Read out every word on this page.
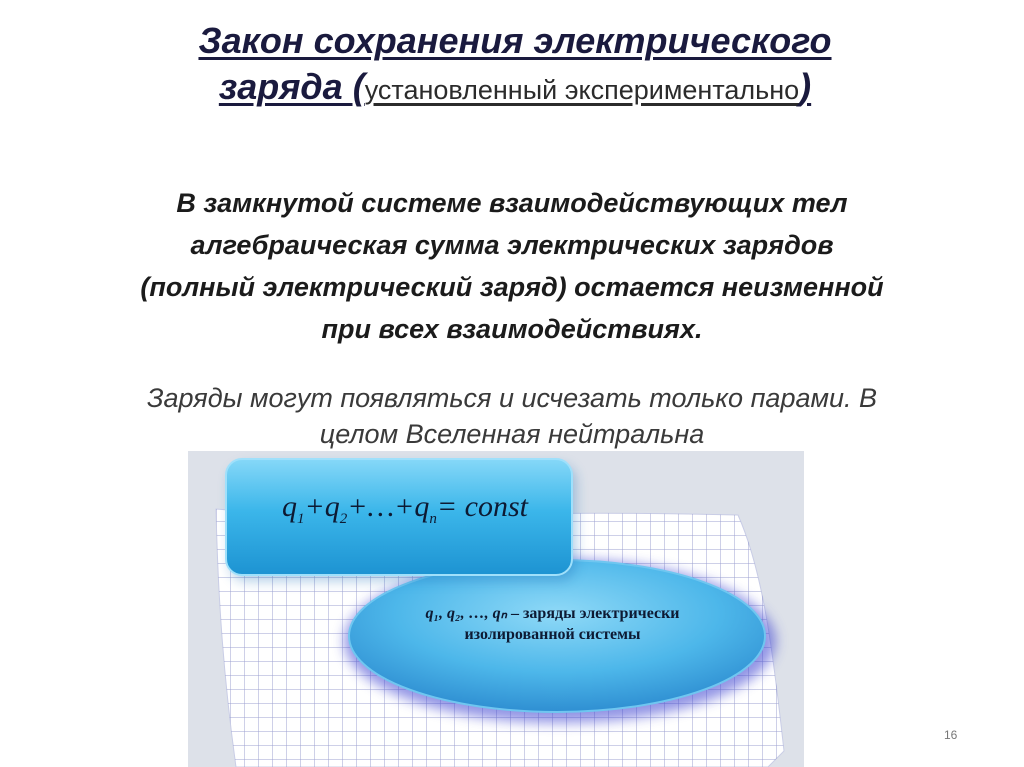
Закон сохранения электрического
заряда (установленный экспериментально)
В замкнутой системе взаимодействующих тел
алгебраическая сумма электрических зарядов
(полный электрический заряд) остается неизменной
при всех взаимодействиях.
Заряды могут появляться и исчезать только парами. В
целом Вселенная нейтральна
$q_1+q_2+\dots+q_n=$ const
q₁, q₂, …, qₙ – заряды электрически
изолированной системы
16
